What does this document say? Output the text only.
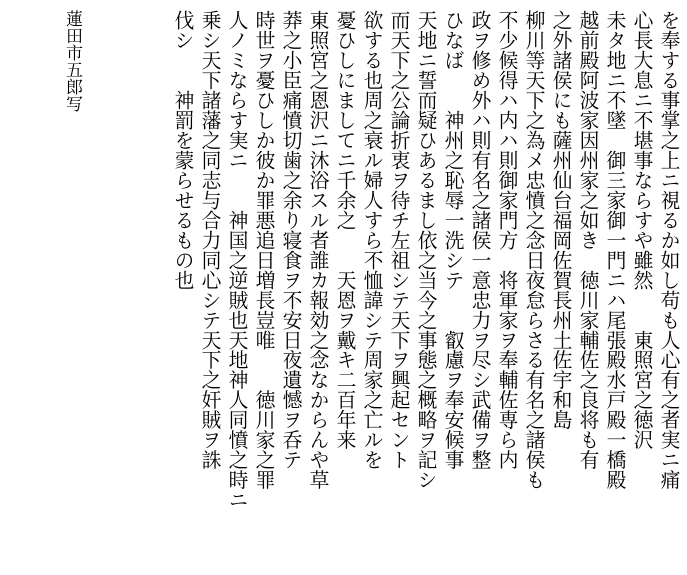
を奉する事掌之上ニ視るか如し苟も人心有之者実ニ痛
心長大息ニ不堪事ならすや雖然　　東照宮之徳沢
未タ地ニ不墜　御三家御一門ニハ尾張殿水戸殿一橋殿
越前殿阿波家因州家之如き　徳川家輔佐之良将も有
之外諸侯にも薩州仙台福岡佐賀長州土佐宇和島
柳川等天下之為メ忠憤之念日夜怠らさる有名之諸侯も
不少候得ハ内ハ則御家門方　将軍家ヲ奉輔佐専ら内
政ヲ修め外ハ則有名之諸侯一意忠力ヲ尽シ武備ヲ整
ひなば　　神州之恥辱一洗シテ　　叡慮ヲ奉安候事
天地ニ誓而疑ひあるまし依之当今之事態之概略ヲ記シ
而天下之公論折衷ヲ待チ左祖シテ天下ヲ興起セント
欲する也周之衰ル婦人すら不恤諱シテ周家之亡ルを
憂ひしにましてニ千余之　　天恩ヲ戴キ二百年来
東照宮之恩沢ニ沐浴スル者誰カ報効之念なからんや草
莽之小臣痛憤切歯之余り寝食ヲ不安日夜遺憾ヲ呑テ
時世ヲ憂ひしか彼か罪悪追日増長豈唯　　徳川家之罪
人ノミならす実ニ　　神国之逆賊也天地神人同憤之時ニ
乗シ天下諸藩之同志与合力同心シテ天下之奸賊ヲ誅
伐シ　　神罰を蒙らせるもの也
蓮田市五郎写
